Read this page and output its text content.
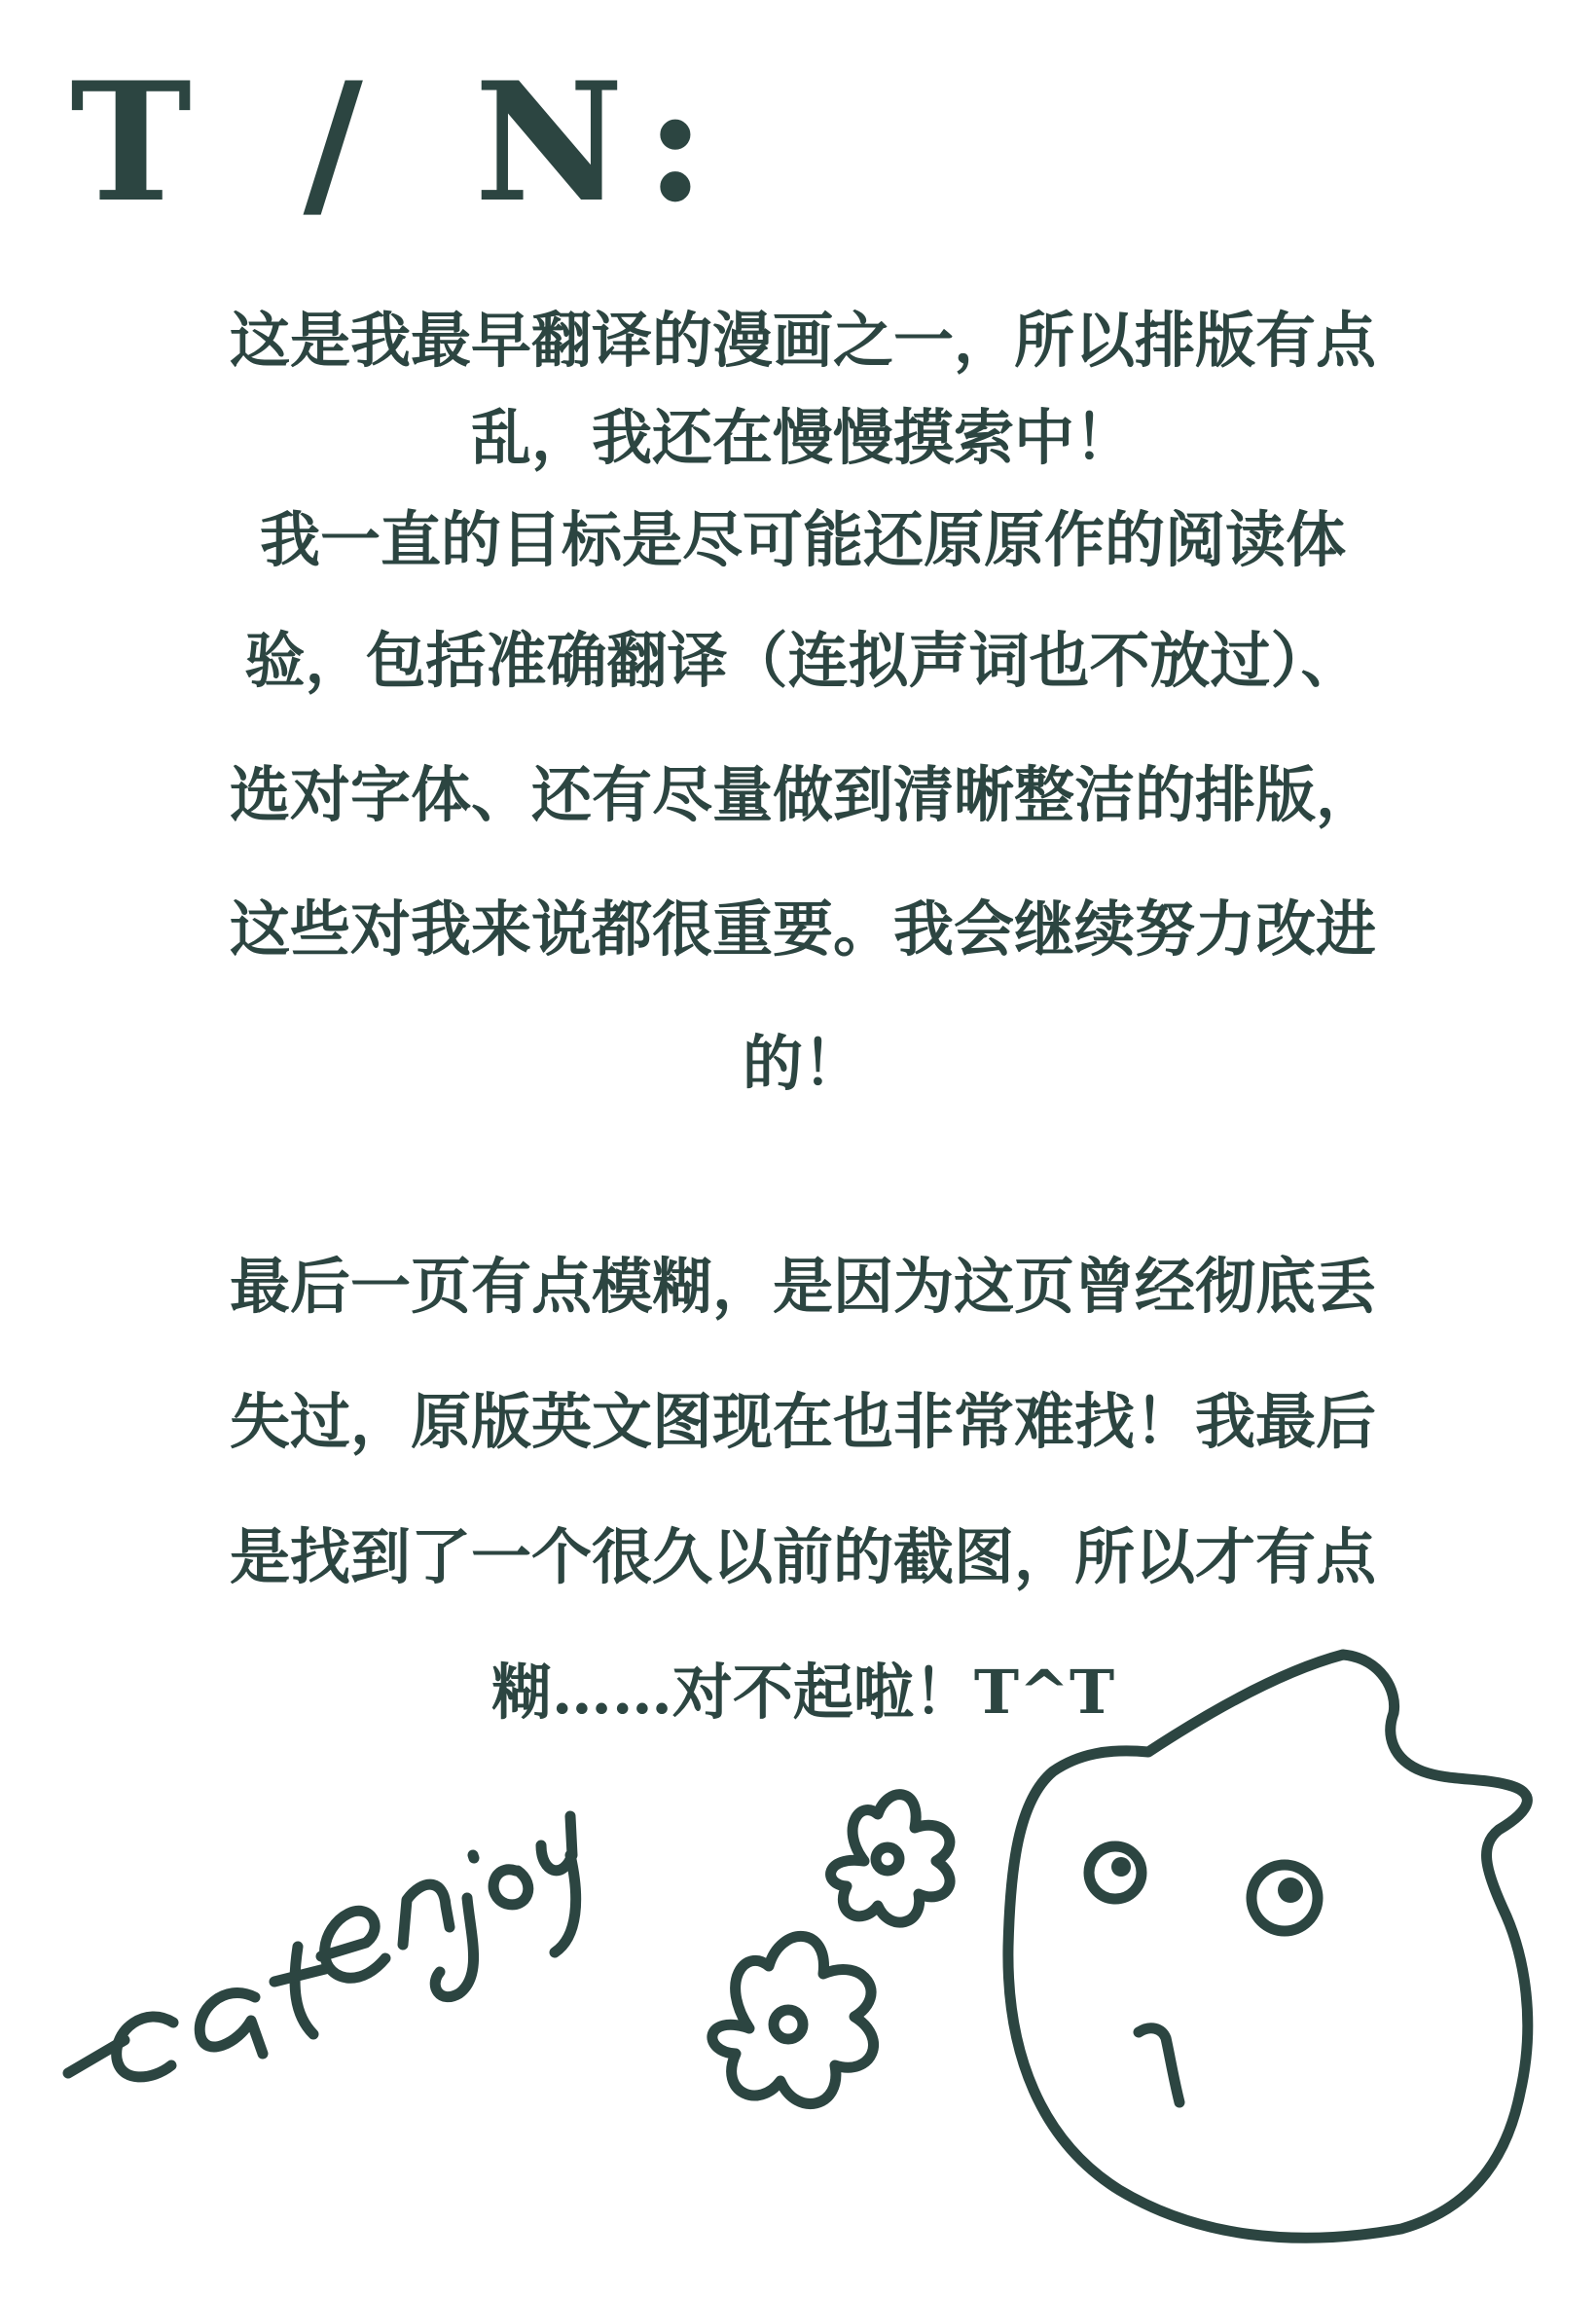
T / N:
这是我最早翻译的漫画之一，所以排版有点
乱，我还在慢慢摸索中！
我一直的目标是尽可能还原原作的阅读体
验，包括准确翻译（连拟声词也不放过）、
选对字体、还有尽量做到清晰整洁的排版，
这些对我来说都很重要。我会继续努力改进
的！
最后一页有点模糊，是因为这页曾经彻底丢
失过，原版英文图现在也非常难找！我最后
是找到了一个很久以前的截图，所以才有点
糊……对不起啦！T^T
